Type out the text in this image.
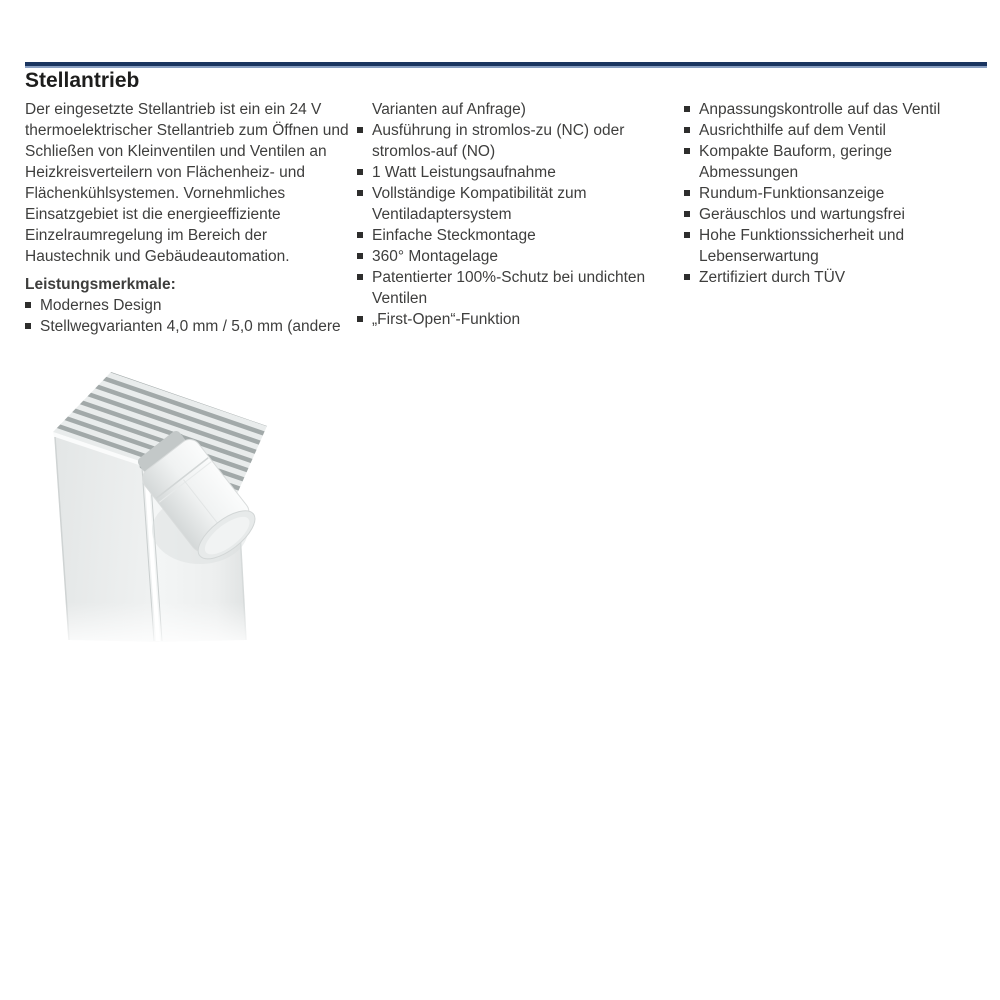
Stellantrieb

Der eingesetzte Stellantrieb ist ein ein 24 V thermoelektrischer Stellantrieb zum Öffnen und Schließen von Kleinventilen und Ventilen an Heizkreisverteilern von Flächenheiz- und Flächenkühlsystemen. Vornehmliches Einsatzgebiet ist die energieeffiziente Einzelraumregelung im Bereich der Haustechnik und Gebäudeautomation.

Leistungsmerkmale:
Modernes Design
Stellwegvarianten 4,0 mm / 5,0 mm (andere
Varianten auf Anfrage)
Ausführung in stromlos-zu (NC) oder stromlos-auf (NO)
1 Watt Leistungsaufnahme
Vollständige Kompatibilität zum Ventiladaptersystem
Einfache Steckmontage
360° Montagelage
Patentierter 100%-Schutz bei undichten Ventilen
„First-Open“-Funktion
Anpassungskontrolle auf das Ventil
Ausrichthilfe auf dem Ventil
Kompakte Bauform, geringe Abmessungen
Rundum-Funktionsanzeige
Geräuschlos und wartungsfrei
Hohe Funktionssicherheit und Lebenserwartung
Zertifiziert durch TÜV
